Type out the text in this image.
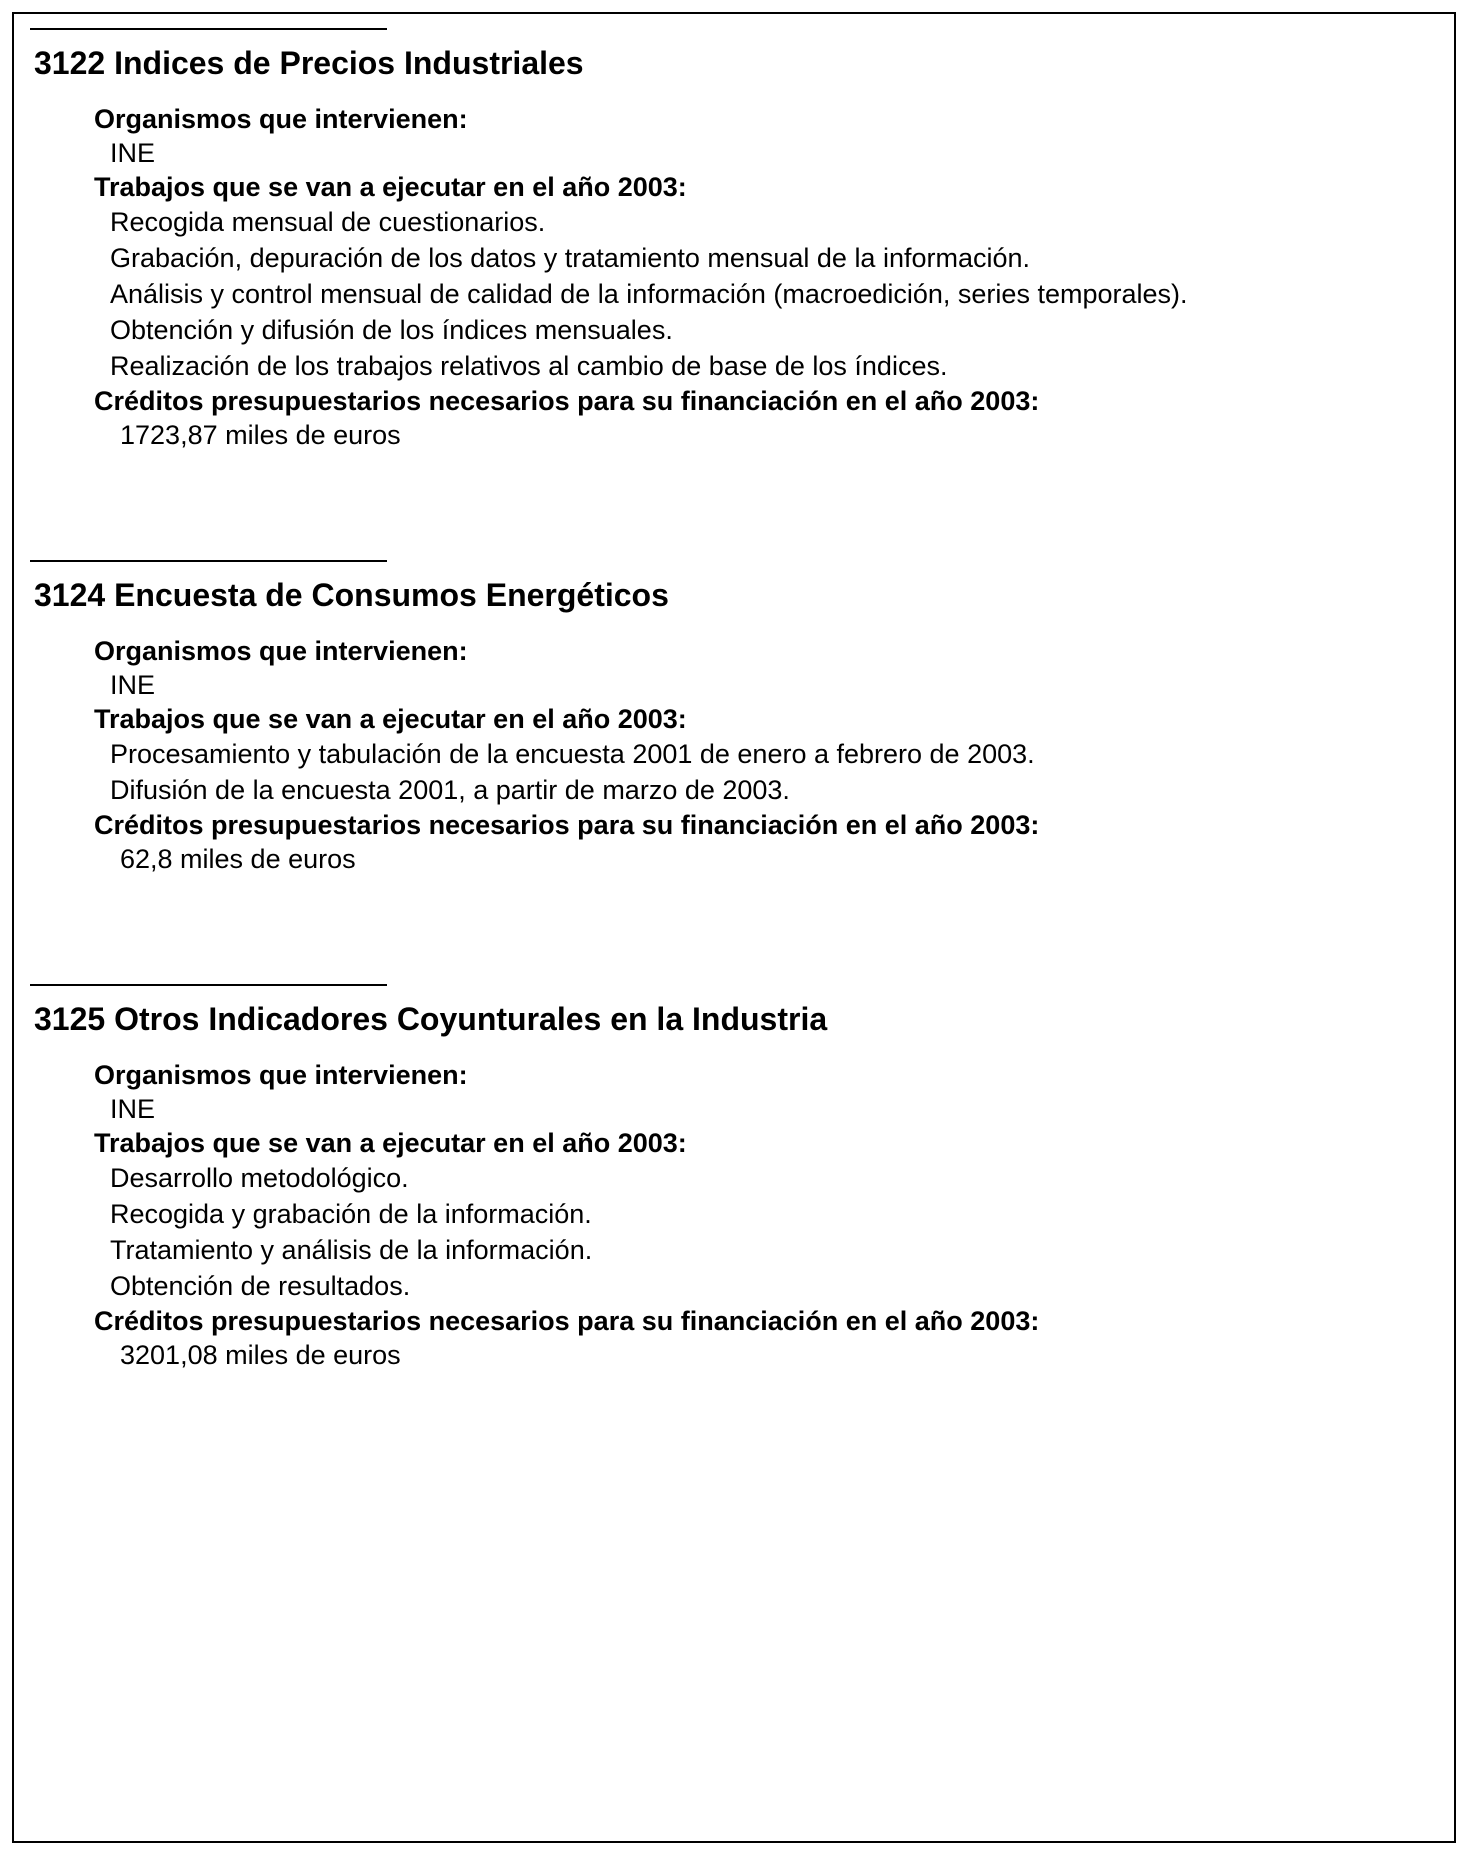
3122 Indices de Precios Industriales
Organismos que intervienen:
INE
Trabajos que se van a ejecutar en el año 2003:
Recogida mensual de cuestionarios.
Grabación, depuración de los datos y tratamiento mensual de la información.
Análisis y control mensual de calidad de la información (macroedición, series temporales).
Obtención y difusión de los índices mensuales.
Realización de los trabajos relativos al cambio de base de los índices.
Créditos presupuestarios necesarios para su financiación en el año 2003:
1723,87 miles de euros
3124 Encuesta de Consumos Energéticos
Organismos que intervienen:
INE
Trabajos que se van a ejecutar en el año 2003:
Procesamiento y tabulación de la encuesta 2001 de enero a febrero de 2003.
Difusión de la encuesta 2001, a partir de marzo de 2003.
Créditos presupuestarios necesarios para su financiación en el año 2003:
62,8 miles de euros
3125 Otros Indicadores Coyunturales en la Industria
Organismos que intervienen:
INE
Trabajos que se van a ejecutar en el año 2003:
Desarrollo metodológico.
Recogida y grabación de la información.
Tratamiento y análisis de la información.
Obtención de resultados.
Créditos presupuestarios necesarios para su financiación en el año 2003:
3201,08 miles de euros
